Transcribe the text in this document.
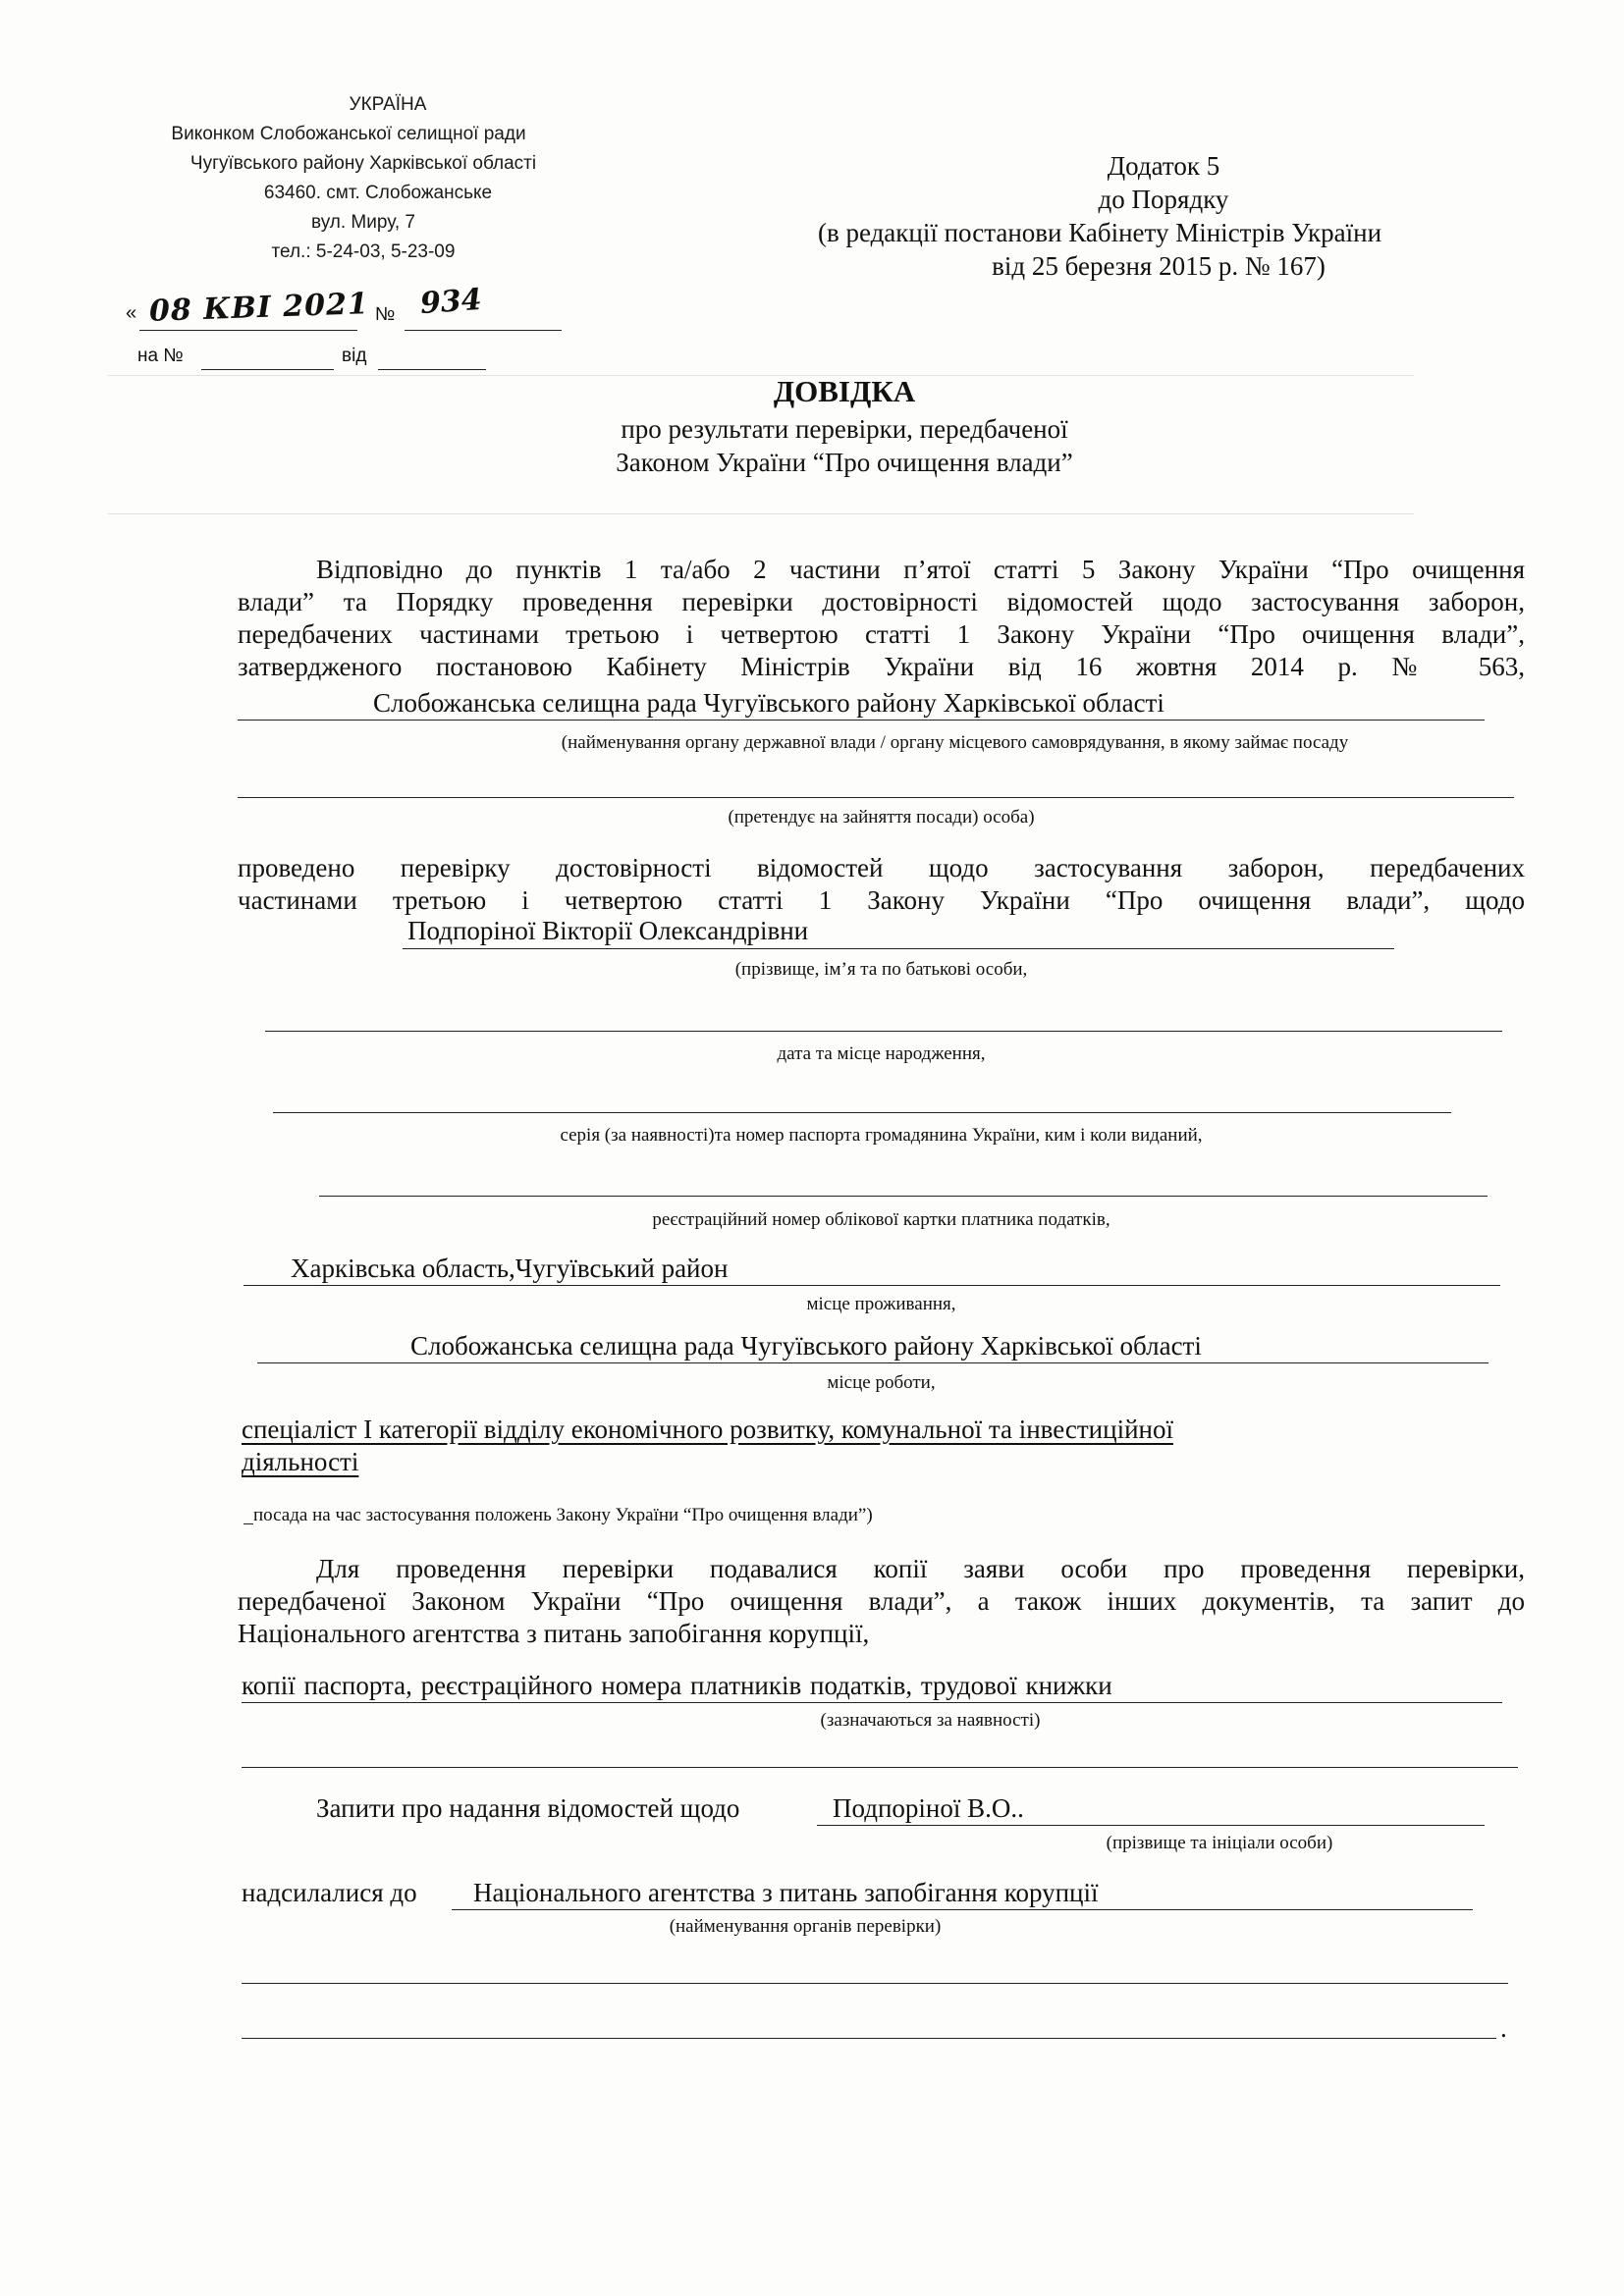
УКРАЇНА
Виконком Слобожанської селищної ради
Чугуївського району Харківської області
63460. смт. Слобожанське
вул. Миру, 7
тел.: 5-24-03, 5-23-09
« 08 КВІ 2021 № 934
на №	від
Додаток 5
до Порядку
(в редакції постанови Кабінету Міністрів України
від 25 березня 2015 р. № 167)
ДОВІДКА
про результати перевірки, передбаченої
Законом України “Про очищення влади”
Відповідно до пунктів 1 та/або 2 частини п’ятої статті 5 Закону України “Про очищення
влади” та Порядку проведення перевірки достовірності відомостей щодо застосування заборон,
передбачених частинами третьою і четвертою статті 1 Закону України “Про очищення влади”,
затвердженого постановою Кабінету Міністрів України від 16 жовтня 2014 р. № 563,
Слобожанська селищна рада Чугуївського району Харківської області
(найменування органу державної влади / органу місцевого самоврядування, в якому займає посаду
(претендує на зайняття посади) особа)
проведено перевірку достовірності відомостей щодо застосування заборон, передбачених
частинами третьою і четвертою статті 1 Закону України “Про очищення влади”, щодо
Подпоріної Вікторії Олександрівни
(прізвище, ім’я та по батькові особи,
дата та місце народження,
серія (за наявності)та номер паспорта громадянина України, ким і коли виданий,
реєстраційний номер облікової картки платника податків,
Харківська область,Чугуївський район
місце проживання,
Слобожанська селищна рада Чугуївського району Харківської області
місце роботи,
спеціаліст І категорії відділу економічного розвитку, комунальної та інвестиційної
діяльності
посада на час застосування положень Закону України “Про очищення влади”)
Для проведення перевірки подавалися копії заяви особи про проведення перевірки,
передбаченої Законом України “Про очищення влади”, а також інших документів, та запит до
Національного агентства з питань запобігання корупції,
копії паспорта, реєстраційного номера платників податків, трудової книжки
(зазначаються за наявності)
Запити про надання відомостей щодо	Подпоріної В.О..
(прізвище та ініціали особи)
надсилалися до Національного агентства з питань запобігання корупції
(найменування органів перевірки)
.
